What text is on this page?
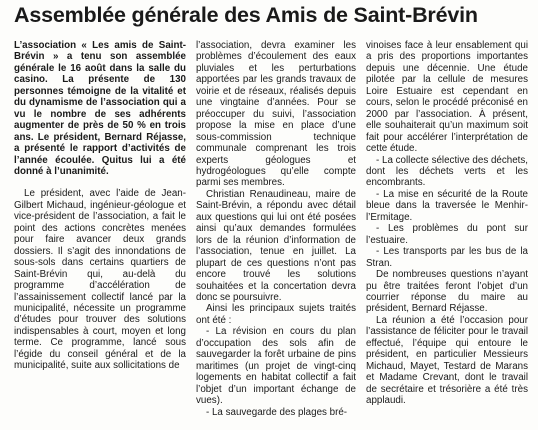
Assemblée générale des Amis de Saint-Brévin

L’association « Les amis de Saint-Brévin » a tenu son assemblée générale le 16 août dans la salle du casino. La présente de 130 personnes témoigne de la vitalité et du dynamisme de l’association qui a vu le nombre de ses adhérents augmenter de près de 50 % en trois ans. Le président, Bernard Réjasse, a présenté le rapport d’activités de l’année écoulée. Quitus lui a été donné à l’unanimité.

Le président, avec l’aide de Jean-Gilbert Michaud, ingénieur-géologue et vice-président de l’association, a fait le point des actions concrètes menées pour faire avancer deux grands dossiers. Il s’agit des innondations de sous-sols dans certains quartiers de Saint-Brévin qui, au-delà du programme d’accélération de l’assainissement collectif lancé par la municipalité, nécessite un programme d’études pour trouver des solutions indispensables à court, moyen et long terme. Ce programme, lancé sous l’égide du conseil général et de la municipalité, suite aux sollicitations de

l’association, devra examiner les problèmes d’écoulement des eaux pluviales et les perturbations apportées par les grands travaux de voirie et de réseaux, réalisés depuis une vingtaine d’années. Pour se préoccuper du suivi, l’association propose la mise en place d’une sous-commission technique communale comprenant les trois experts géologues et hydrogéologues qu’elle compte parmi ses membres.

Christian Renaudineau, maire de Saint-Brévin, a répondu avec détail aux questions qui lui ont été posées ainsi qu’aux demandes formulées lors de la réunion d’information de l’association, tenue en juillet. La plupart de ces questions n’ont pas encore trouvé les solutions souhaitées et la concertation devra donc se poursuivre.

Ainsi les principaux sujets traités ont été :

- La révision en cours du plan d’occupation des sols afin de sauvegarder la forêt urbaine de pins maritimes (un projet de vingt-cinq logements en habitat collectif a fait l’objet d’un important échange de vues).

- La sauvegarde des plages bré-

vinoises face à leur ensablement qui a pris des proportions importantes depuis une décennie. Une étude pilotée par la cellule de mesures Loire Estuaire est cependant en cours, selon le procédé préconisé en 2000 par l’association. À présent, elle souhaiterait qu’un maximum soit fait pour accélérer l’interprétation de cette étude.

- La collecte sélective des déchets, dont les déchets verts et les encombrants.

- La mise en sécurité de la Route bleue dans la traversée le Menhir-l’Ermitage.

- Les problèmes du pont sur l’estuaire.

- Les transports par les bus de la Stran.

De nombreuses questions n’ayant pu être traitées feront l’objet d’un courrier réponse du maire au président, Bernard Réjasse.

La réunion a été l’occasion pour l’assistance de féliciter pour le travail effectué, l’équipe qui entoure le président, en particulier Messieurs Michaud, Mayet, Testard de Marans et Madame Crevant, dont le travail de secrétaire et trésorière a été très applaudi.
